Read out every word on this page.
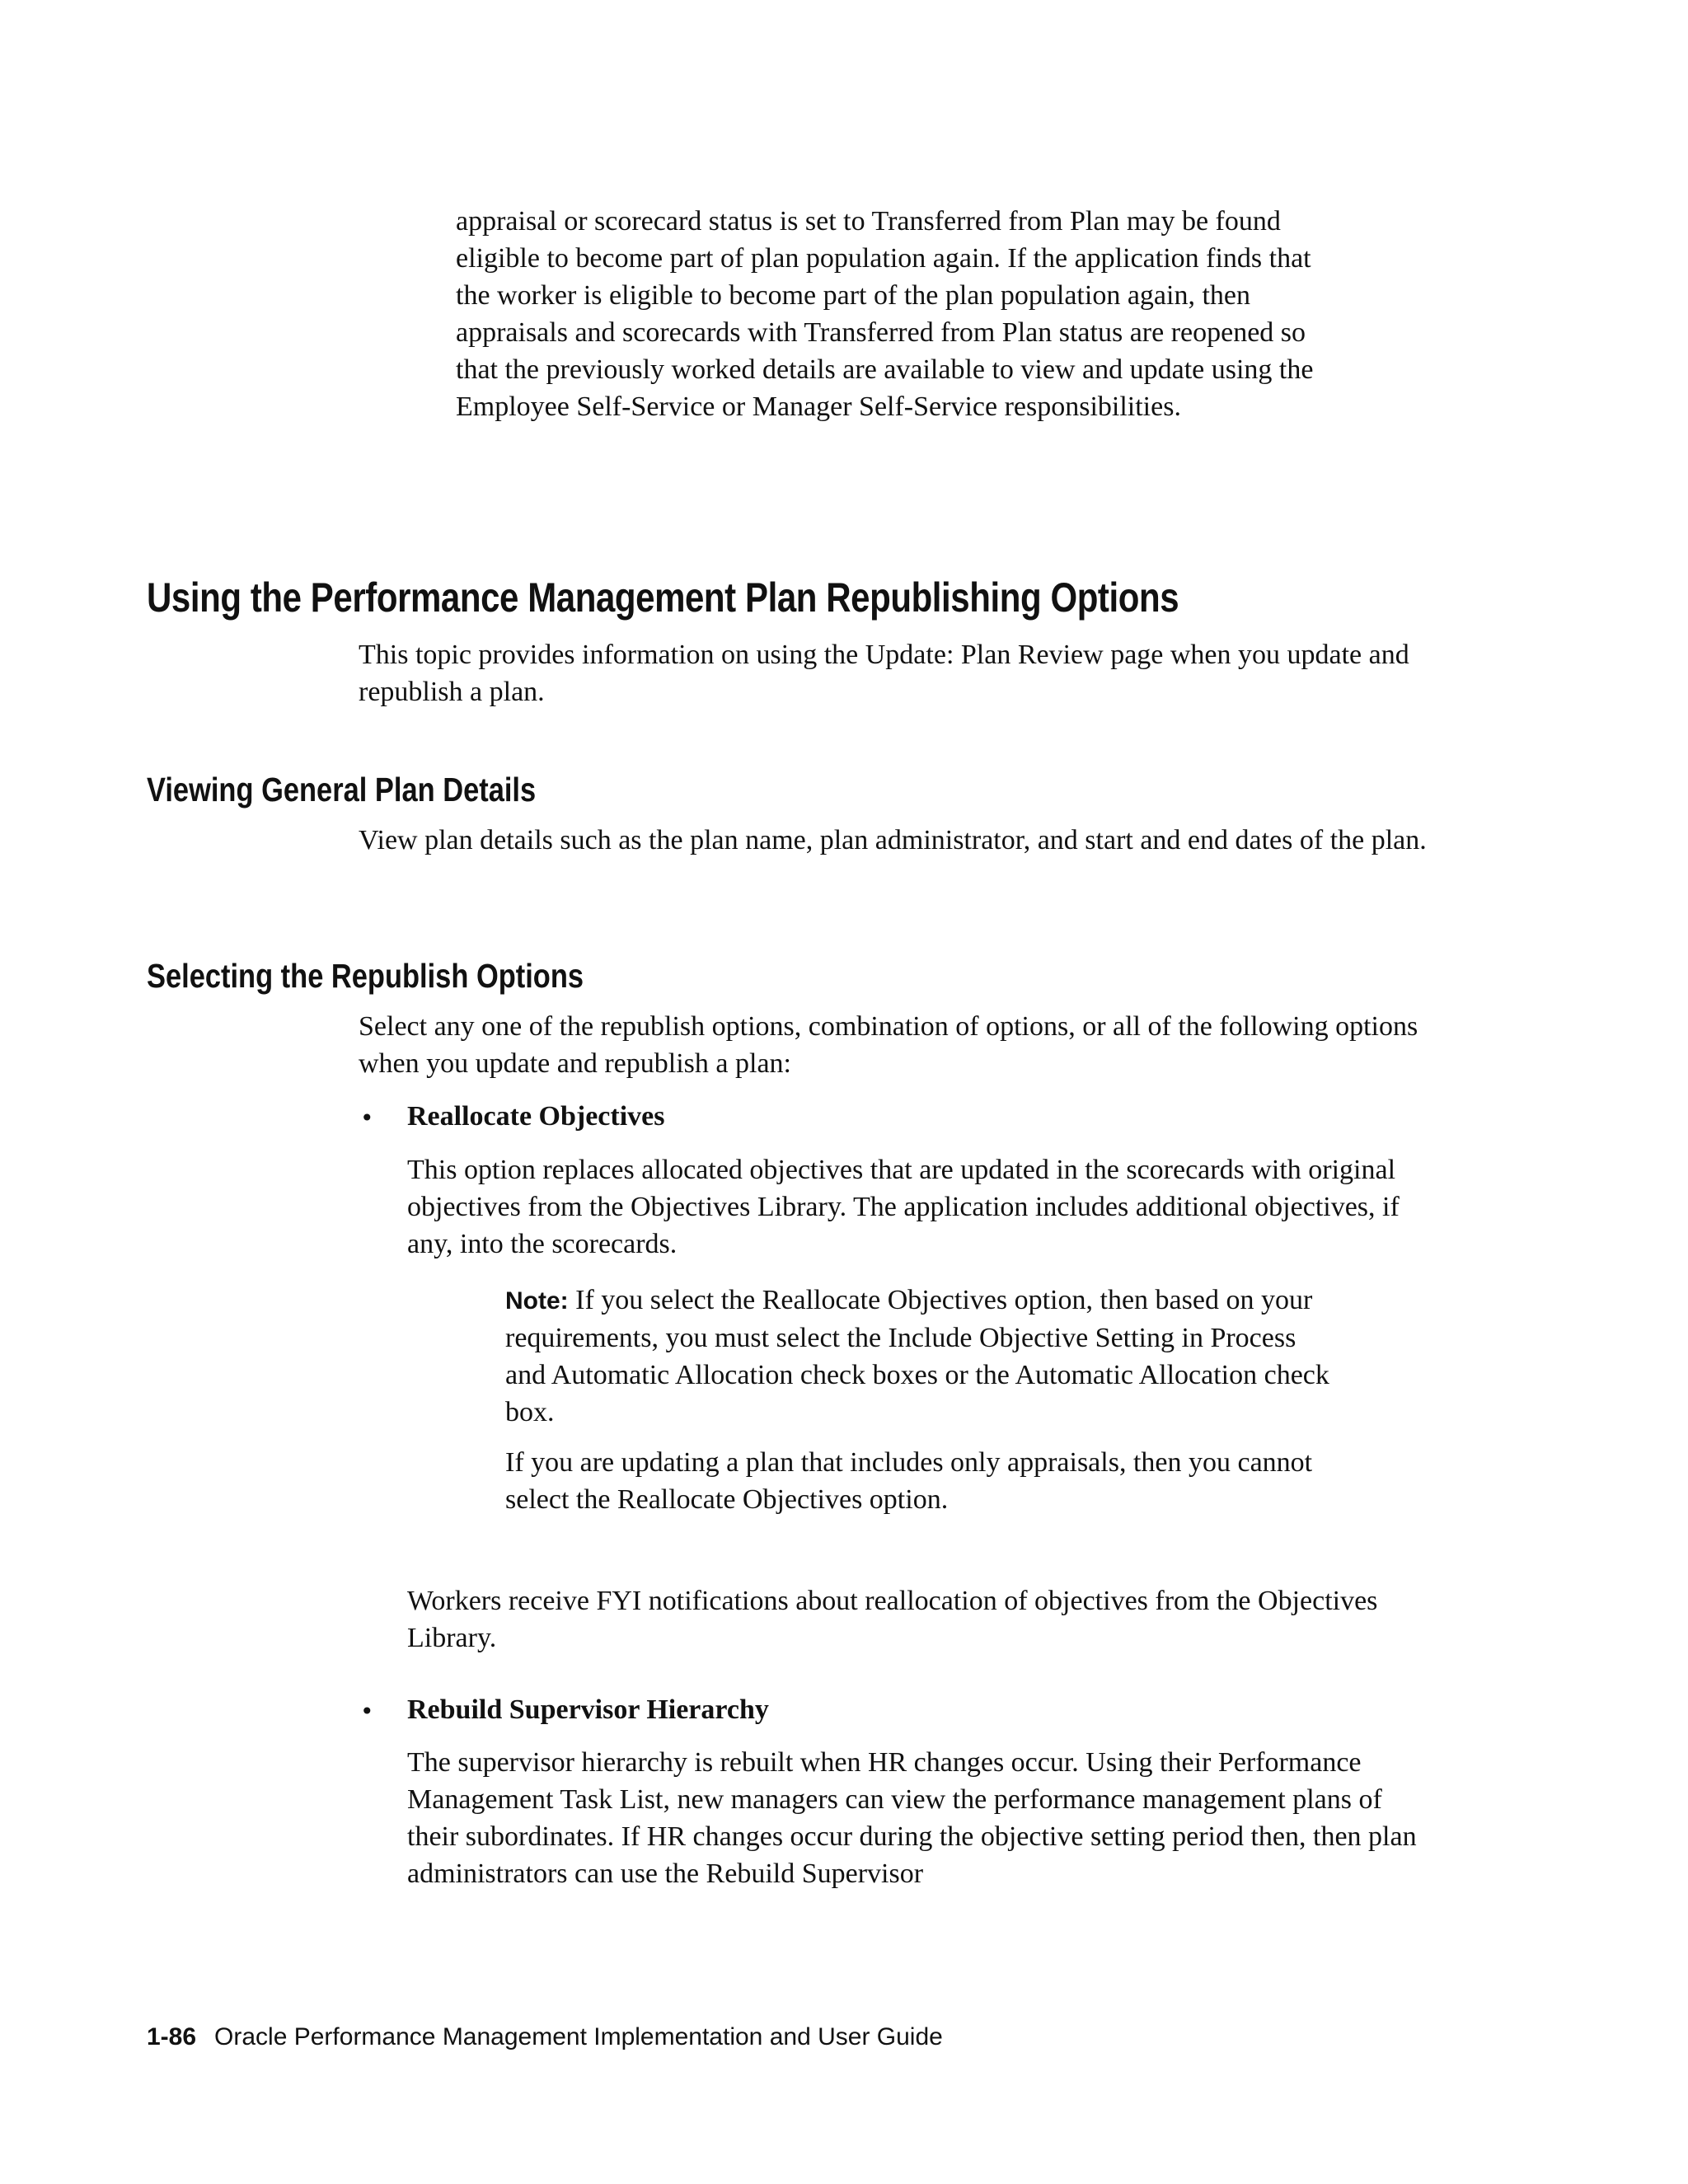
appraisal or scorecard status is set to Transferred from Plan may be found eligible to become part of plan population again. If the application finds that the worker is eligible to become part of the plan population again, then appraisals and scorecards with Transferred from Plan status are reopened so that the previously worked details are available to view and update using the Employee Self-Service or Manager Self-Service responsibilities.

Using the Performance Management Plan Republishing Options

This topic provides information on using the Update: Plan Review page when you update and republish a plan.

Viewing General Plan Details

View plan details such as the plan name, plan administrator, and start and end dates of the plan.

Selecting the Republish Options

Select any one of the republish options, combination of options, or all of the following options when you update and republish a plan:

• Reallocate Objectives

This option replaces allocated objectives that are updated in the scorecards with original objectives from the Objectives Library. The application includes additional objectives, if any, into the scorecards.

Note: If you select the Reallocate Objectives option, then based on your requirements, you must select the Include Objective Setting in Process and Automatic Allocation check boxes or the Automatic Allocation check box.

If you are updating a plan that includes only appraisals, then you cannot select the Reallocate Objectives option.

Workers receive FYI notifications about reallocation of objectives from the Objectives Library.

• Rebuild Supervisor Hierarchy

The supervisor hierarchy is rebuilt when HR changes occur. Using their Performance Management Task List, new managers can view the performance management plans of their subordinates. If HR changes occur during the objective setting period then, then plan administrators can use the Rebuild Supervisor

1-86 Oracle Performance Management Implementation and User Guide
